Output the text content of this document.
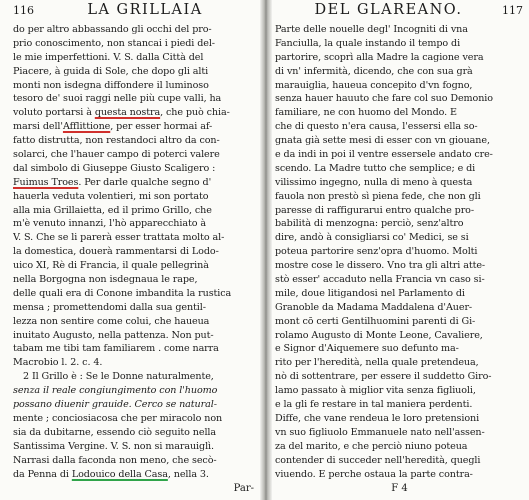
116	LA GRILLAIA
do per altro abbassando gli occhi del pro-
prio conoscimento, non stancai i piedi del-
le mie imperfettioni. V. S. dalla Città del
Piacere, à guida di Sole, che dopo gli alti
monti non isdegna diffondere il luminoso
tesoro de' suoi raggi nelle più cupe valli, ha
voluto portarsi à questa nostra, che può chia-
marsi dell'Afflittione, per esser hormai af-
fatto distrutta, non restandoci altro da con-
solarci, che l'hauer campo di poterci valere
dal simbolo di Giuseppe Giusto Scaligero :
Fuimus Troes. Per darle qualche segno d'
hauerla veduta volentieri, mi son portato
alla mia Grillaietta, ed il primo Grillo, che
m'è venuto innanzi, l'hò apparecchiato à
V. S. Che se li parerà esser trattata molto al-
la domestica, douerà rammentarsi di Lodo-
uico XI, Rè di Francia, il quale pellegrinà
nella Borgogna non isdegnaua le rape,
delle quali era di Conone imbandita la rustica
mensa ; promettendomi dalla sua gentil-
lezza non sentire come colui, che haueua
inuitato Augusto, nella pattenza. Non put-
tabam me tibi tam familiarem . come narra
Macrobio l. 2. c. 4.
2 Il Grillo è : Se le Donne naturalmente,
senza il reale congiungimento con l'huomo
possano diuenir grauide. Cerco se natural-
mente ; conciosiacosa che per miracolo non
sia da dubitarne, essendo ciò seguito nella
Santissima Vergine. V. S. non si marauiglì.
Narrasi dalla faconda non meno, che secò-
da Penna di Lodouico della Casa, nella 3.
Par-
DEL GLAREANO.	117
Parte delle nouelle degl' Incogniti di vna
Fanciulla, la quale instando il tempo di
partorire, scoprì alla Madre la cagione vera
di vn' infermità, dicendo, che con sua grà
marauiglia, haueua concepito d'vn fogno,
senza hauer hauuto che fare col suo Demonio
familiare, ne con huomo del Mondo. E
che di questo n'era causa, l'essersi ella so-
gnata già sette mesi di esser con vn giouane,
e da indi in poi il ventre essersele andato cre-
scendo. La Madre tutto che semplice; e di
vilissimo ingegno, nulla di meno à questa
fauola non prestò sì piena fede, che non gli
paresse di raffigurarui entro qualche pro-
babilità di menzogna: perciò, senz'altro
dire, andò à consigliarsi co' Medici, se si
poteua partorire senz'opra d'huomo. Molti
mostre cose le dissero. Vno tra gli altri atte-
stò esser' accaduto nella Francia vn caso si-
mile, doue litigandosi nel Parlamento di
Granoble da Madama Maddalena d'Auer-
mont cō certi Gentilhuomini parenti di Gi-
rolamo Augusto di Monte Leone, Cavaliere,
e Signor d'Aiquemere suo defunto ma-
rito per l'heredità, nella quale pretendeua,
nò di sottentrare, per essere il suddetto Giro-
lamo passato à miglior vita senza figliuoli,
e la gli fe restare in tal maniera perdenti.
Diffe, che vane rendeua le loro pretensioni
vn suo figliuolo Emmanuele nato nell'assen-
za del marito, e che perciò niuno poteua
contender di succeder nell'heredità, quegli
viuendo. E perche ostaua la parte contra-
F 4
